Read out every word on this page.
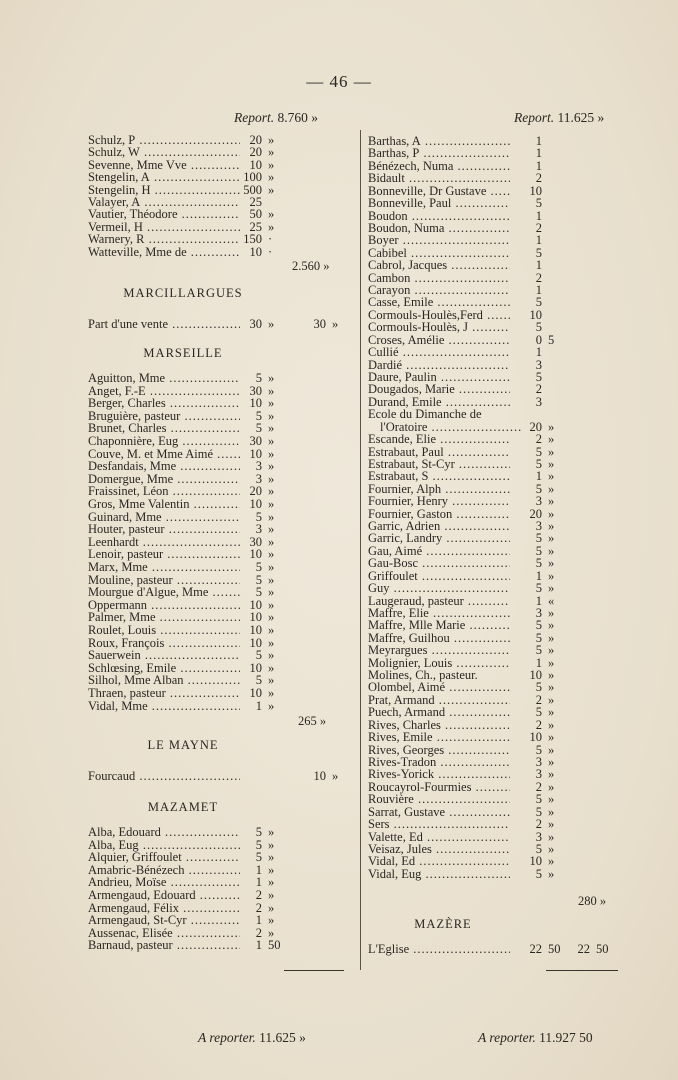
— 46 —
Report. 8.760 »
Schulz, P .....	20 »
Schulz, W .....	20 »
Sevenne, Mme Vve .....	10 »
Stengelin, A .....	100 »
Stengelin, H .....	500 »
Valayer, A .....	25
Vautier, Théodore .....	50 »
Vermeil, H .....	25 »
Warnery, R .....	150 ·
Watteville, Mme de .....	10 ·
2.560 »
MARCILLARGUES
Part d'une vente .....	30 »	30 »
MARSEILLE
Aguitton, Mme .....	5 »
Anget, F.-E .....	30 »
Berger, Charles .....	10 »
Bruguière, pasteur .....	5 »
Brunet, Charles .....	5 »
Chaponnière, Eug .....	30 »
Couve, M. et Mme Aimé .....	10 »
Desfandais, Mme .....	3 »
Domergue, Mme .....	3 »
Fraissinet, Léon .....	20 »
Gros, Mme Valentin .....	10 »
Guinard, Mme .....	5 »
Houter, pasteur .....	3 »
Leenhardt .....	30 »
Lenoir, pasteur .....	10 »
Marx, Mme .....	5 »
Mouline, pasteur .....	5 »
Mourgue d'Algue, Mme .....	5 »
Oppermann .....	10 »
Palmer, Mme .....	10 »
Roulet, Louis .....	10 »
Roux, François .....	10 »
Sauerwein .....	5 »
Schlœsing, Emile .....	10 »
Silhol, Mme Alban .....	5 »
Thraen, pasteur .....	10 »
Vidal, Mme .....	1 »
265 »
LE MAYNE
Fourcaud .....	10 »
MAZAMET
Alba, Edouard .....	5 »
Alba, Eug .....	5 »
Alquier, Griffoulet .....	5 »
Amabric-Bénézech .....	1 »
Andrieu, Moïse .....	1 »
Armengaud, Edouard .....	2 »
Armengaud, Félix .....	2 »
Armengaud, St-Cyr .....	1 »
Aussenac, Elisée .....	2 »
Barnaud, pasteur .....	1 50
A reporter. 11.625 »
Report. 11.625 »
Barthas, A .....	1
Barthas, P .....	1
Bénézech, Numa .....	1
Bidault .....	2
Bonneville, Dr Gustave .....	10
Bonneville, Paul .....	5
Boudon .....	1
Boudon, Numa .....	2
Boyer .....	1
Cabibel .....	5
Cabrol, Jacques .....	1
Cambon .....	2
Carayon .....	1
Casse, Emile .....	5
Cormouls-Houlès,Ferd .....	10
Cormouls-Houlès, J .....	5
Croses, Amélie .....	0 5
Cullié .....	1
Dardié .....	3
Daure, Paulin .....	5
Dougados, Marie .....	2
Durand, Emile .....	3
Ecole du Dimanche de
l'Oratoire .....	20 »
Escande, Elie .....	2 »
Estrabaut, Paul .....	5 »
Estrabaut, St-Cyr .....	5 »
Estrabaut, S .....	1 »
Fournier, Alph .....	5 »
Fournier, Henry .....	3 »
Fournier, Gaston .....	20 »
Garric, Adrien .....	3 »
Garric, Landry .....	5 »
Gau, Aimé .....	5 »
Gau-Bosc .....	5 »
Griffoulet .....	1 »
Guy .....	5 »
Laugeraud, pasteur .....	1 «
Maffre, Elie .....	3 »
Maffre, Mlle Marie .....	5 »
Maffre, Guilhou .....	5 »
Meyrargues .....	5 »
Molignier, Louis .....	1 »
Molines, Ch., pasteur.	10 »
Olombel, Aimé .....	5 »
Prat, Armand .....	2 »
Puech, Armand .....	5 »
Rives, Charles .....	2 »
Rives, Emile .....	10 »
Rives, Georges .....	5 »
Rives-Tradon .....	3 »
Rives-Yorick .....	3 »
Roucayrol-Fourmies .....	2 »
Rouvière .....	5 »
Sarrat, Gustave .....	5 »
Sers .....	2 »
Valette, Ed .....	3 »
Veisaz, Jules .....	5 »
Vidal, Ed .....	10 »
Vidal, Eug .....	5 »
280 »
MAZÈRE
L'Eglise .....	22 50	22 50
A reporter. 11.927 50
